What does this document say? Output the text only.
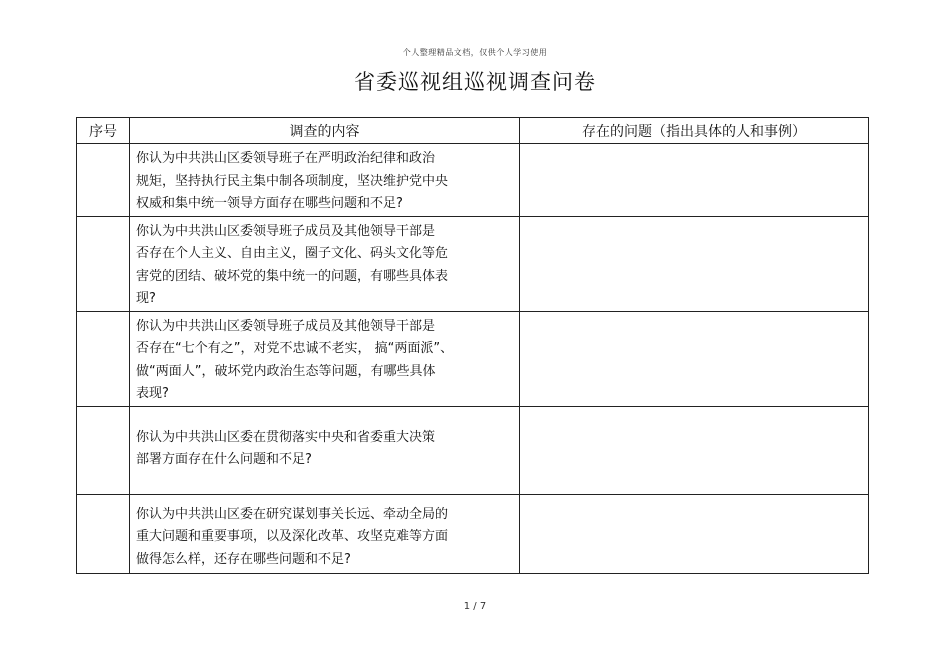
个人整理精品文档，仅供个人学习使用
省委巡视组巡视调查问卷
序号	调查的内容	存在的问题（指出具体的人和事例）

	你认为中共洪山区委领导班子在严明政治纪律和政治
规矩，坚持执行民主集中制各项制度，坚决维护党中央
权威和集中统一领导方面存在哪些问题和不足?	

	你认为中共洪山区委领导班子成员及其他领导干部是
否存在个人主义、自由主义，圈子文化、码头文化等危
害党的团结、破坏党的集中统一的问题，有哪些具体表
现?	

	你认为中共洪山区委领导班子成员及其他领导干部是
否存在“七个有之”，对党不忠诚不老实， 搞“两面派”、
做“两面人”，破坏党内政治生态等问题，有哪些具体
表现?	

	你认为中共洪山区委在贯彻落实中央和省委重大决策
部署方面存在什么问题和不足?	

	你认为中共洪山区委在研究谋划事关长远、牵动全局的
重大问题和重要事项，以及深化改革、攻坚克难等方面
做得怎么样，还存在哪些问题和不足?	

1 / 7
